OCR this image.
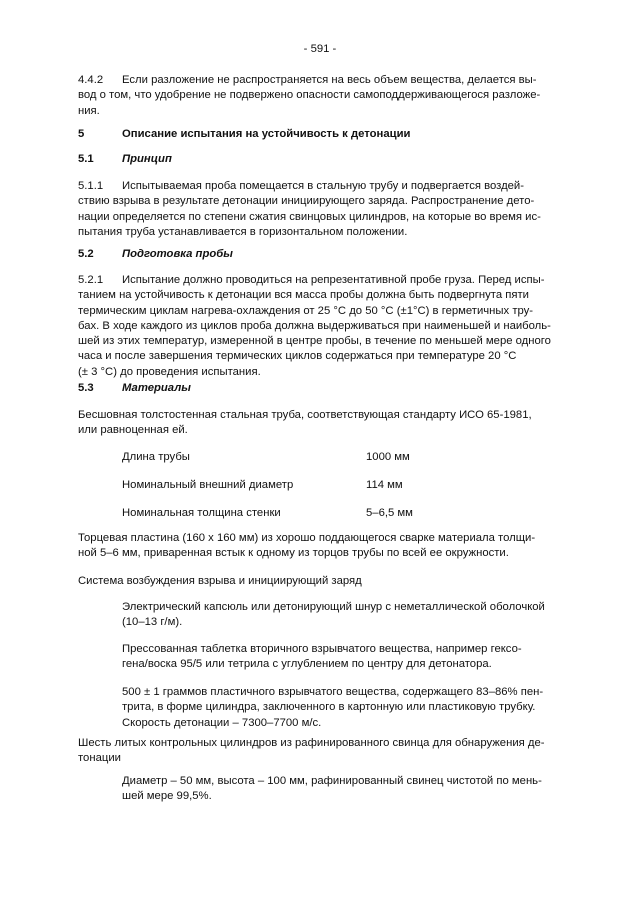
- 591 -

4.4.2 Если разложение не распространяется на весь объем вещества, делается вы-
вод о том, что удобрение не подвержено опасности самоподдерживающегося разложе-
ния.

5	Описание испытания на устойчивость к детонации

5.1	Принцип

5.1.1 Испытываемая проба помещается в стальную трубу и подвергается воздей-
ствию взрыва в результате детонации инициирующего заряда. Распространение дето-
нации определяется по степени сжатия свинцовых цилиндров, на которые во время ис-
пытания труба устанавливается в горизонтальном положении.

5.2	Подготовка пробы

5.2.1 Испытание должно проводиться на репрезентативной пробе груза. Перед испы-
танием на устойчивость к детонации вся масса пробы должна быть подвергнута пяти
термическим циклам нагрева-охлаждения от 25 °C до 50 °C (±1°C) в герметичных тру-
бах. В ходе каждого из циклов проба должна выдерживаться при наименьшей и наиболь-
шей из этих температур, измеренной в центре пробы, в течение по меньшей мере одного
часа и после завершения термических циклов содержаться при температуре 20 °C
(± 3 °C) до проведения испытания.

5.3	Материалы

Бесшовная толстостенная стальная труба, соответствующая стандарту ИСО 65-1981,
или равноценная ей.

Длина трубы	1000 мм
Номинальный внешний диаметр	114 мм
Номинальная толщина стенки	5–6,5 мм

Торцевая пластина (160 х 160 мм) из хорошо поддающегося сварке материала толщи-
ной 5–6 мм, приваренная встык к одному из торцов трубы по всей ее окружности.

Система возбуждения взрыва и инициирующий заряд

Электрический капсюль или детонирующий шнур с неметаллической оболочкой
(10–13 г/м).

Прессованная таблетка вторичного взрывчатого вещества, например гексо-
гена/воска 95/5 или тетрила с углублением по центру для детонатора.

500 ± 1 граммов пластичного взрывчатого вещества, содержащего 83–86% пен-
трита, в форме цилиндра, заключенного в картонную или пластиковую трубку.
Скорость детонации – 7300–7700 м/с.

Шесть литых контрольных цилиндров из рафинированного свинца для обнаружения де-
тонации

Диаметр – 50 мм, высота – 100 мм, рафинированный свинец чистотой по мень-
шей мере 99,5%.
